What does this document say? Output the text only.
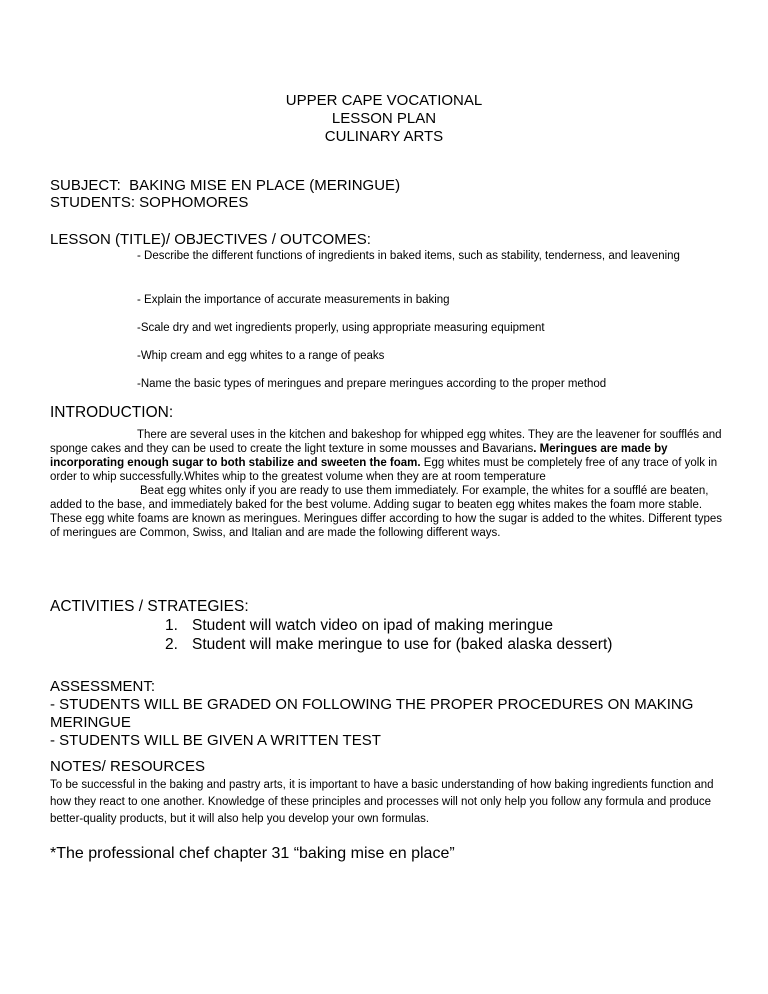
UPPER CAPE VOCATIONAL
LESSON PLAN
CULINARY ARTS
SUBJECT:  BAKING MISE EN PLACE (MERINGUE)
STUDENTS: SOPHOMORES
LESSON (TITLE)/ OBJECTIVES / OUTCOMES:
- Describe the different functions of ingredients in baked items, such as stability, tenderness, and leavening
- Explain the importance of accurate measurements in baking
-Scale dry and wet ingredients properly, using appropriate measuring equipment
-Whip cream and egg whites to a range of peaks
-Name the basic types of meringues and prepare meringues according to the proper method
INTRODUCTION:

There are several uses in the kitchen and bakeshop for whipped egg whites. They are the leavener for soufflés and sponge cakes and they can be used to create the light texture in some mousses and Bavarians. Meringues are made by incorporating enough sugar to both stabilize and sweeten the foam. Egg whites must be completely free of any trace of yolk in order to whip successfully.Whites whip to the greatest volume when they are at room temperature

Beat egg whites only if you are ready to use them immediately. For example, the whites for a soufflé are beaten, added to the base, and immediately baked for the best volume. Adding sugar to beaten egg whites makes the foam more stable. These egg white foams are known as meringues. Meringues differ according to how the sugar is added to the whites. Different types of meringues are Common, Swiss, and Italian and are made the following different ways.

ACTIVITIES / STRATEGIES:
1. Student will watch video on ipad of making meringue
2. Student will make meringue to use for (baked alaska dessert)
ASSESSMENT:
- STUDENTS WILL BE GRADED ON FOLLOWING THE PROPER PROCEDURES ON MAKING MERINGUE
- STUDENTS WILL BE GIVEN A WRITTEN TEST
NOTES/ RESOURCES
To be successful in the baking and pastry arts, it is important to have a basic understanding of how baking ingredients function and how they react to one another. Knowledge of these principles and processes will not only help you follow any formula and produce better-quality products, but it will also help you develop your own formulas.
*The professional chef chapter 31 “baking mise en place”
